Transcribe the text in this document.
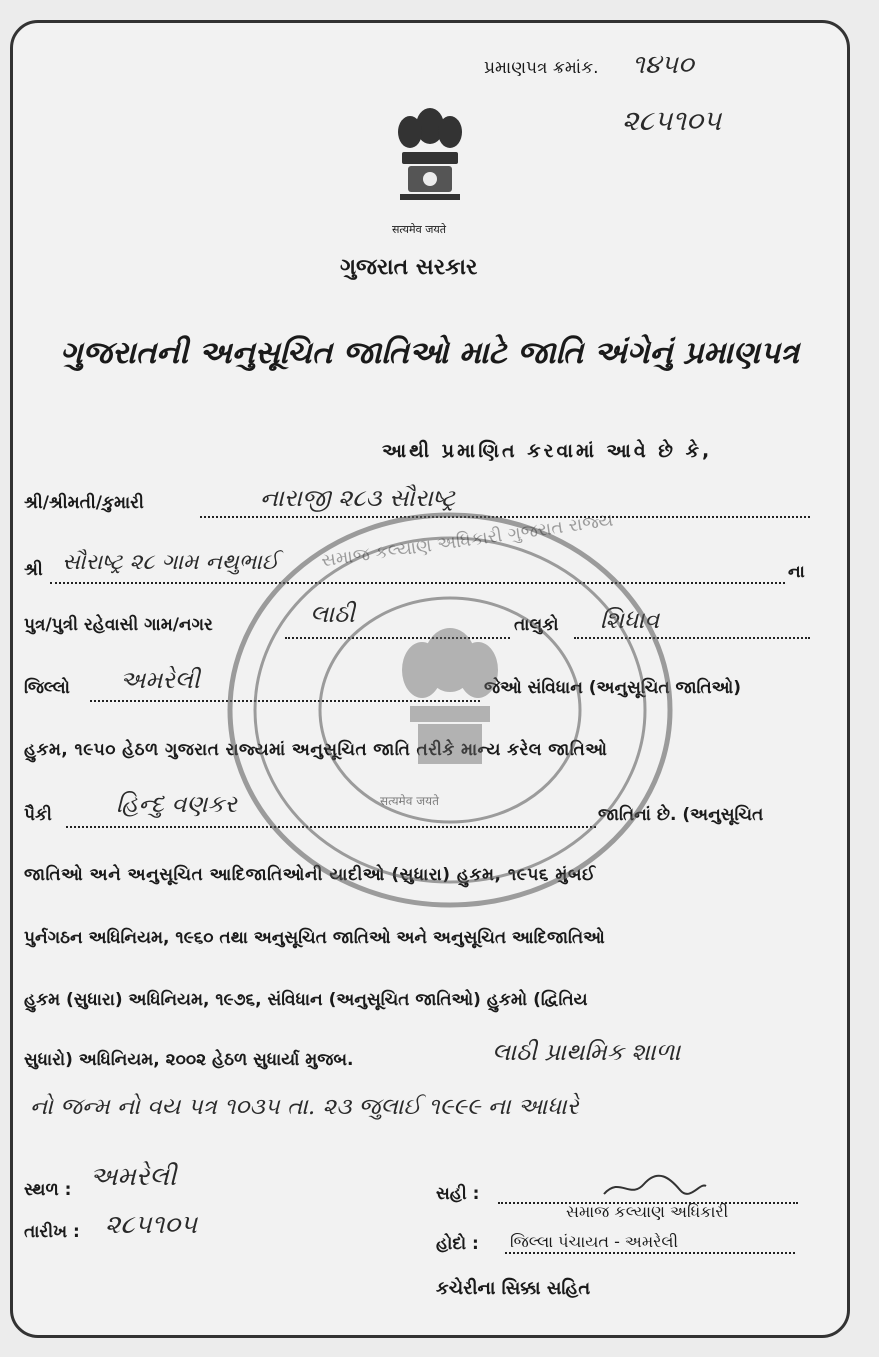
પ્રમાણપત્ર ક્રમાંક. ૧૪૫૦
૨૮૫૧૦૫
सत्यमेव जयते
ગુજરાત સરકાર
ગુજરાતની અનુસૂચિત જાતિઓ માટે જાતિ અંગેનું પ્રમાણપત્ર
આથી પ્રમાણિત કરવામાં આવે છે કે,
શ્રી/શ્રીમતી/કુમારી	નારાજી ૨૮૩ સૌરાષ્ટ્ર
શ્રી સૌરાષ્ટ્ર ૨૮ ગામ નથુભાઈ	ના
પુત્ર/પુત્રી રહેવાસી ગામ/નગર	લાઠી	તાલુકો શિધાવ
જિલ્લો અમરેલી	જેઓ સંવિધાન (અનુસૂચિત જાતિઓ)
હુકમ, ૧૯૫૦ હેઠળ ગુજરાત રાજ્યમાં અનુસૂચિત જાતિ તરીકે માન્ય કરેલ જાતિઓ
પૈકી	હિન્દુ વણકર	જાતિનાં છે. (અનુસૂચિત
જાતિઓ અને અનુસૂચિત આદિજાતિઓની યાદીઓ (સુધારા) હુકમ, ૧૯૫૬ મુંબઈ
પુર્નગઠન અધિનિયમ, ૧૯૬૦ તથા અનુસૂચિત જાતિઓ અને અનુસૂચિત આદિજાતિઓ
હુકમ (સુધારા) અધિનિયમ, ૧૯૭૬, સંવિધાન (અનુસૂચિત જાતિઓ) હુકમો (દ્વિતિય
સુધારો) અધિનિયમ, ૨૦૦૨ હેઠળ સુધાર્યા મુજબ.	લાઠી પ્રાથમિક શાળા
નો જન્મ નો વય પત્ર ૧૦૩૫ તા. ૨૩ જુલાઈ ૧૯૯૯ ના આધારે
સ્થળ : અમરેલી
તારીખ : ૨૮૫૧૦૫
સહી :
સમાજ કલ્યાણ અધિકારી
હોદો : જિલ્લા પંચાયત - અમરેલી
કચેરીના સિક્કા સહિત
सत्यमेव जयते
સમાજ કલ્યાણ અધિકારી ગુજરાત રાજ્ય
